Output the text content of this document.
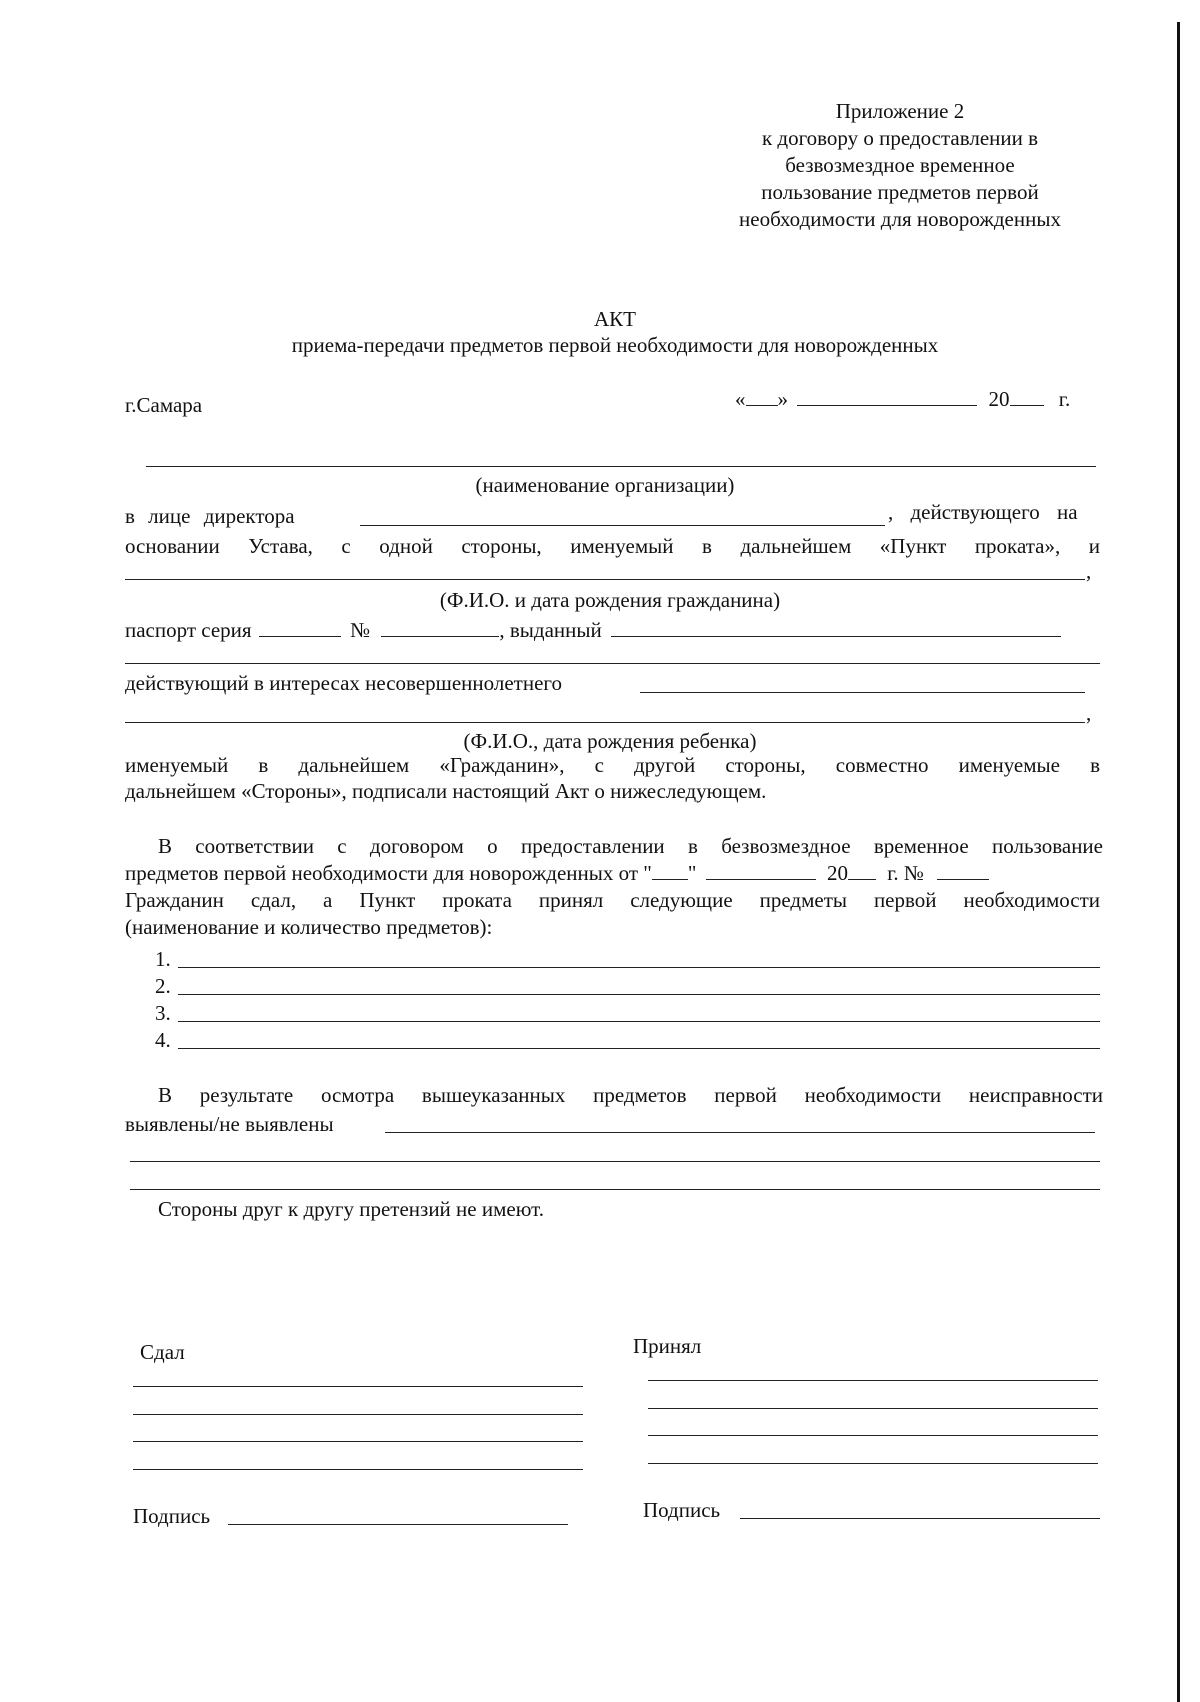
Приложение 2
к договору о предоставлении в
безвозмездное временное
пользование предметов первой
необходимости для новорожденных
АКТ
приема-передачи предметов первой необходимости для новорожденных
г.Самара	« »	20 г.
(наименование организации)
в лице директора	, действующего на
основании Устава, с одной стороны, именуемый в дальнейшем «Пункт проката», и
,
(Ф.И.О. и дата рождения гражданина)
паспорт серия	№	, выданный
действующий в интересах несовершеннолетнего
,
(Ф.И.О., дата рождения ребенка)
именуемый в дальнейшем «Гражданин», с другой стороны, совместно именуемые в
дальнейшем «Стороны», подписали настоящий Акт о нижеследующем.
В соответствии с договором о предоставлении в безвозмездное временное пользование
предметов первой необходимости для новорожденных от " "	20 г. №
Гражданин сдал, а Пункт проката принял следующие предметы первой необходимости
(наименование и количество предметов):
1.
2.
3.
4.
В результате осмотра вышеуказанных предметов первой необходимости неисправности
выявлены/не выявлены
Стороны друг к другу претензий не имеют.
Сдал	Принял
Подпись	Подпись
